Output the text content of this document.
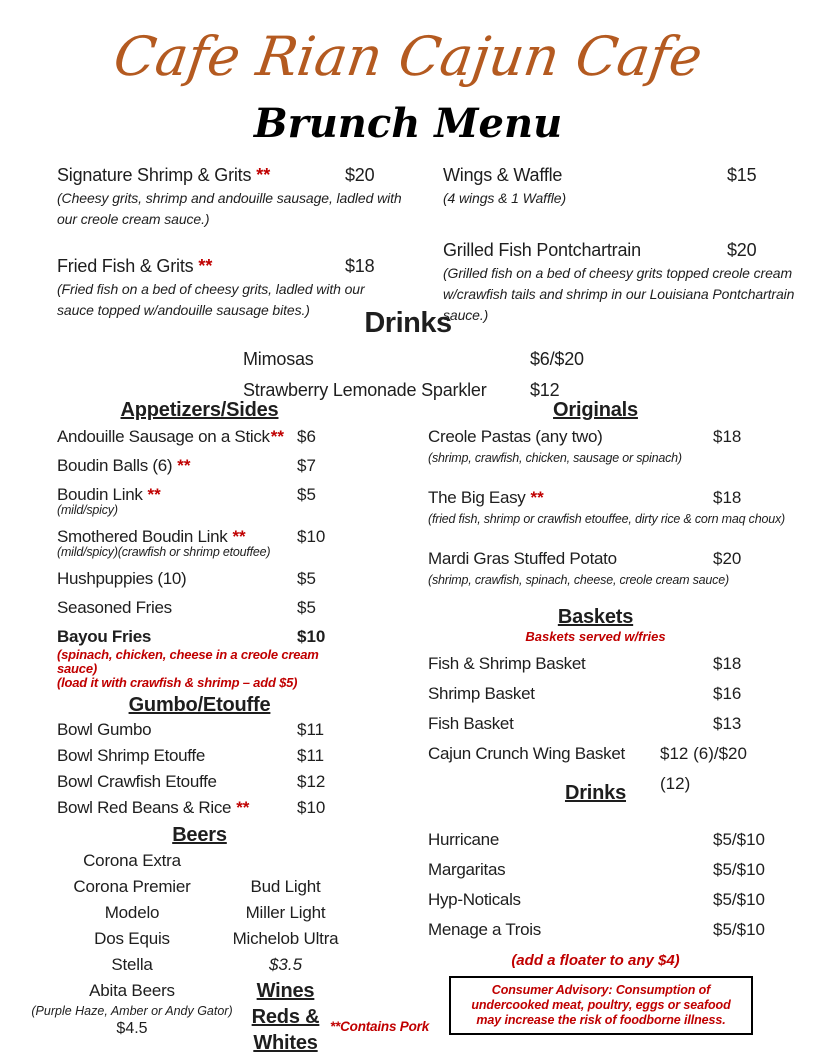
Cafe Rian Cajun Cafe
Brunch Menu
Signature Shrimp & Grits **	$20
(Cheesy grits, shrimp and andouille sausage, ladled with our creole cream sauce.)
Fried Fish & Grits **	$18
(Fried fish on a bed of cheesy grits, ladled with our sauce topped w/andouille sausage bites.)
Wings & Waffle	$15
(4 wings & 1 Waffle)
Grilled Fish Pontchartrain	$20
(Grilled fish on a bed of cheesy grits topped creole cream w/crawfish tails and shrimp in our Louisiana Pontchartrain sauce.)
Drinks
Mimosas	$6/$20
Strawberry Lemonade Sparkler $12
Appetizers/Sides
Andouille Sausage on a Stick** $6
Boudin Balls (6) **	$7
Boudin Link **	$5
(mild/spicy)
Smothered Boudin Link **	$10
(mild/spicy)(crawfish or shrimp etouffee)
Hushpuppies (10)	$5
Seasoned Fries	$5
Bayou Fries	$10
(spinach, chicken, cheese in a creole cream sauce)
(load it with crawfish & shrimp – add $5)
Gumbo/Etouffe
Bowl Gumbo	$11
Bowl Shrimp Etouffe	$11
Bowl Crawfish Etouffe	$12
Bowl Red Beans & Rice **	$10
Beers
Corona Extra
Corona Premier
Modelo
Dos Equis
Stella
Abita Beers
(Purple Haze, Amber or Andy Gator)
$4.5
Bud Light
Miller Light
Michelob Ultra
$3.5
Wines
Reds & Whites
Originals
Creole Pastas (any two)	$18
(shrimp, crawfish, chicken, sausage or spinach)
The Big Easy **	$18
(fried fish, shrimp or crawfish etouffee, dirty rice & corn maq choux)
Mardi Gras Stuffed Potato	$20
(shrimp, crawfish, spinach, cheese, creole cream sauce)
Baskets
Baskets served w/fries
Fish & Shrimp Basket	$18
Shrimp Basket	$16
Fish Basket	$13
Cajun Crunch Wing Basket $12 (6)/$20 (12)
Drinks
Hurricane	$5/$10
Margaritas	$5/$10
Hyp-Noticals	$5/$10
Menage a Trois	$5/$10
(add a floater to any $4)
Consumer Advisory: Consumption of undercooked meat, poultry, eggs or seafood may increase the risk of foodborne illness.
**Contains Pork
